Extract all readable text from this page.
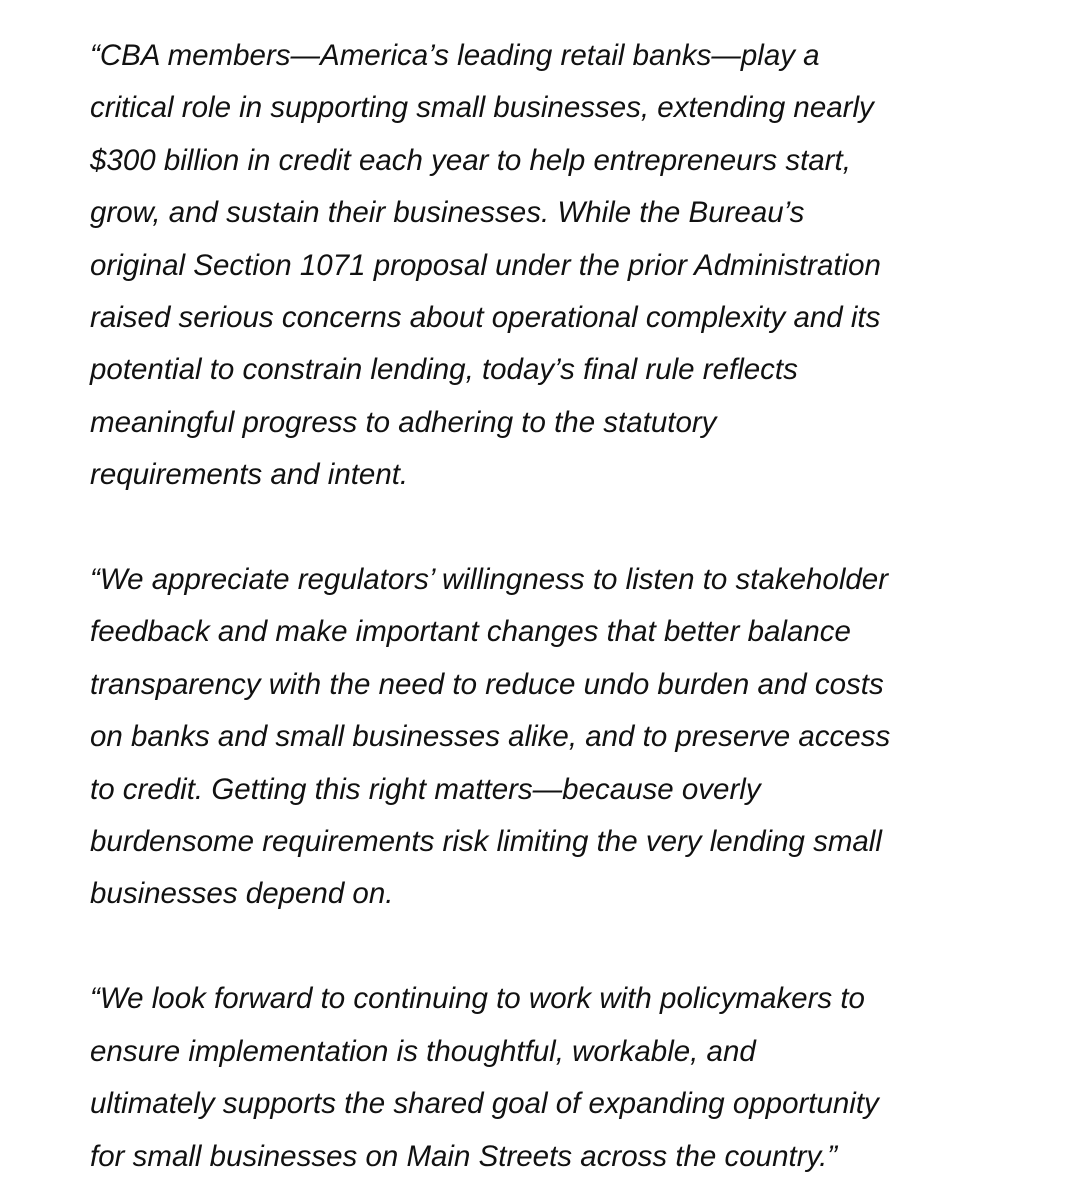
“CBA members—America’s leading retail banks—play a
critical role in supporting small businesses, extending nearly
$300 billion in credit each year to help entrepreneurs start,
grow, and sustain their businesses. While the Bureau’s
original Section 1071 proposal under the prior Administration
raised serious concerns about operational complexity and its
potential to constrain lending, today’s final rule reflects
meaningful progress to adhering to the statutory
requirements and intent.

“We appreciate regulators’ willingness to listen to stakeholder
feedback and make important changes that better balance
transparency with the need to reduce undo burden and costs
on banks and small businesses alike, and to preserve access
to credit. Getting this right matters—because overly
burdensome requirements risk limiting the very lending small
businesses depend on.

“We look forward to continuing to work with policymakers to
ensure implementation is thoughtful, workable, and
ultimately supports the shared goal of expanding opportunity
for small businesses on Main Streets across the country.”
